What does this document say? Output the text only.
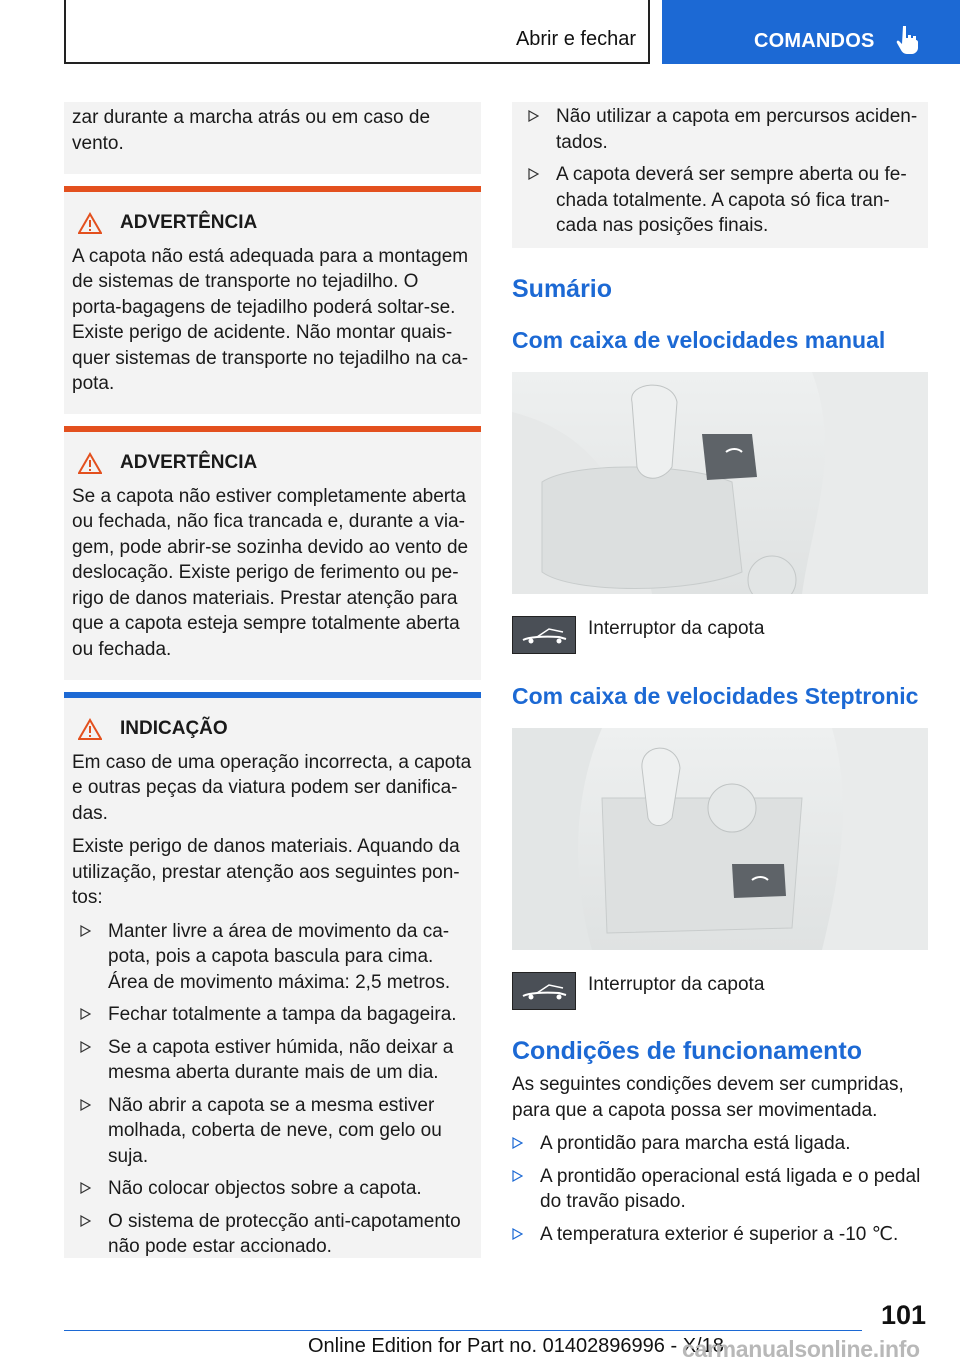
Abrir e fechar	COMANDOS

zar durante a marcha atrás ou em caso de vento.

ADVERTÊNCIA

A capota não está adequada para a montagem de sistemas de transporte no tejadilho. O porta-bagagens de tejadilho poderá soltar-se. Existe perigo de acidente. Não montar quais-quer sistemas de transporte no tejadilho na ca-pota.

ADVERTÊNCIA

Se a capota não estiver completamente aberta ou fechada, não fica trancada e, durante a via-gem, pode abrir-se sozinha devido ao vento de deslocação. Existe perigo de ferimento ou pe-rigo de danos materiais. Prestar atenção para que a capota esteja sempre totalmente aberta ou fechada.

INDICAÇÃO

Em caso de uma operação incorrecta, a capota e outras peças da viatura podem ser danifica-das.

Existe perigo de danos materiais. Aquando da utilização, prestar atenção aos seguintes pon-tos:

Manter livre a área de movimento da ca-pota, pois a capota bascula para cima. Área de movimento máxima: 2,5 metros.
Fechar totalmente a tampa da bagageira.
Se a capota estiver húmida, não deixar a mesma aberta durante mais de um dia.
Não abrir a capota se a mesma estiver molhada, coberta de neve, com gelo ou suja.
Não colocar objectos sobre a capota.
O sistema de protecção anti-capotamento não pode estar accionado.
Não utilizar a capota em percursos aciden-tados.
A capota deverá ser sempre aberta ou fe-chada totalmente. A capota só fica tran-cada nas posições finais.
Sumário
Com caixa de velocidades manual
Interruptor da capota
Com caixa de velocidades Steptronic
Interruptor da capota
Condições de funcionamento

As seguintes condições devem ser cumpridas, para que a capota possa ser movimentada.

A prontidão para marcha está ligada.
A prontidão operacional está ligada e o pedal do travão pisado.
A temperatura exterior é superior a -10 ℃.
101
Online Edition for Part no. 01402896996 - X/18
carmanualsonline.info
